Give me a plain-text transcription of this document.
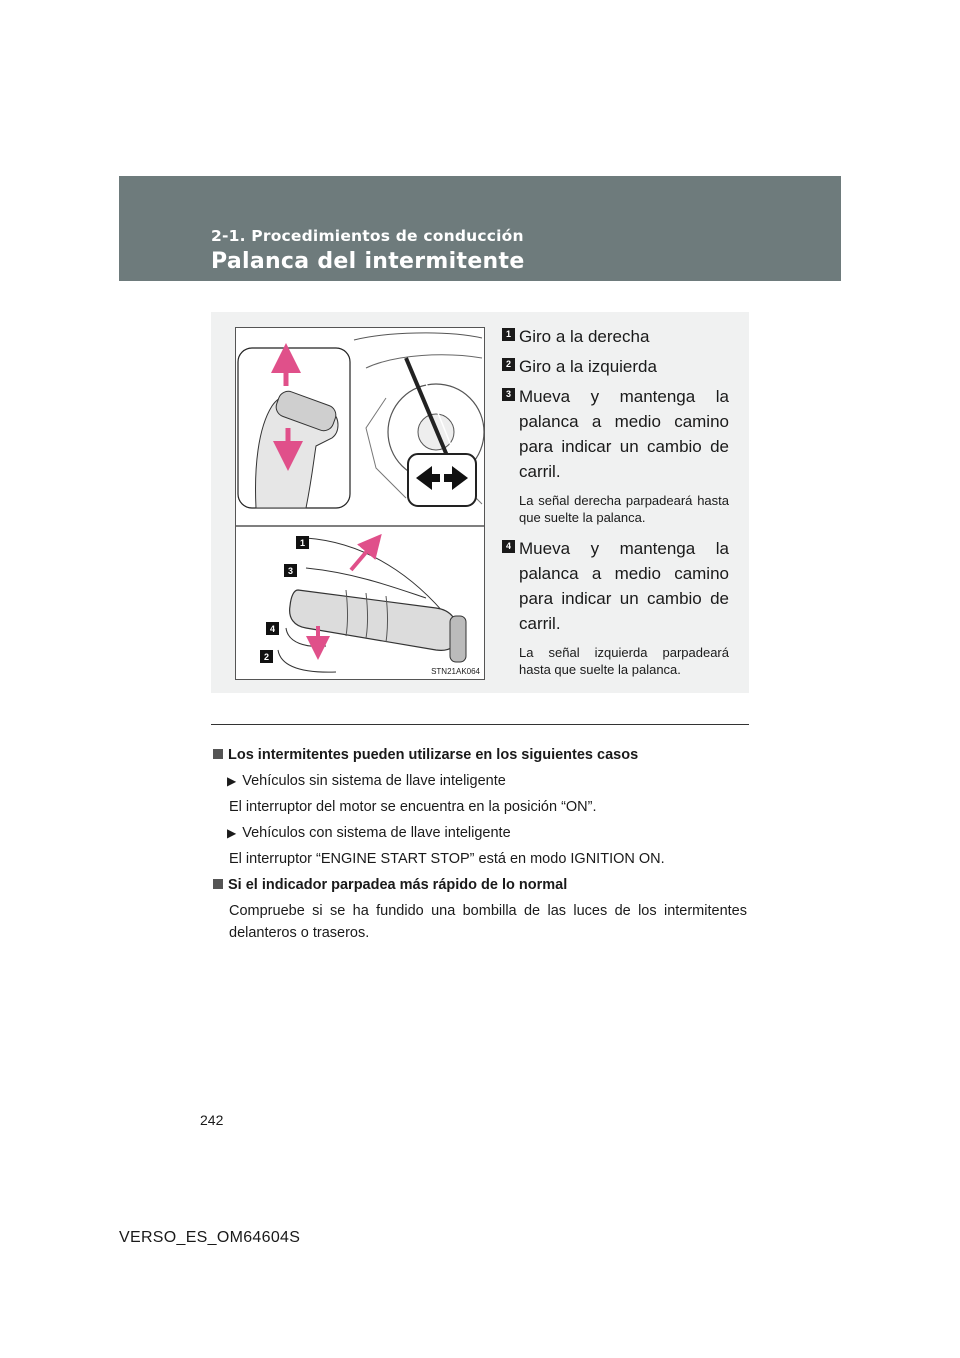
2-1. Procedimientos de conducción
Palanca del intermitente
1
3
4
2
STN21AK064
1 Giro a la derecha
2 Giro a la izquierda
3 Mueva y mantenga la palanca a medio camino para indicar un cambio de carril.
La señal derecha parpadeará hasta que suelte la palanca.
4 Mueva y mantenga la palanca a medio camino para indicar un cambio de carril.
La señal izquierda parpadeará hasta que suelte la palanca.
Los intermitentes pueden utilizarse en los siguientes casos
▶ Vehículos sin sistema de llave inteligente
El interruptor del motor se encuentra en la posición “ON”.
▶ Vehículos con sistema de llave inteligente
El interruptor “ENGINE START STOP” está en modo IGNITION ON.
Si el indicador parpadea más rápido de lo normal
Compruebe si se ha fundido una bombilla de las luces de los intermitentes delanteros o traseros.
242
VERSO_ES_OM64604S
